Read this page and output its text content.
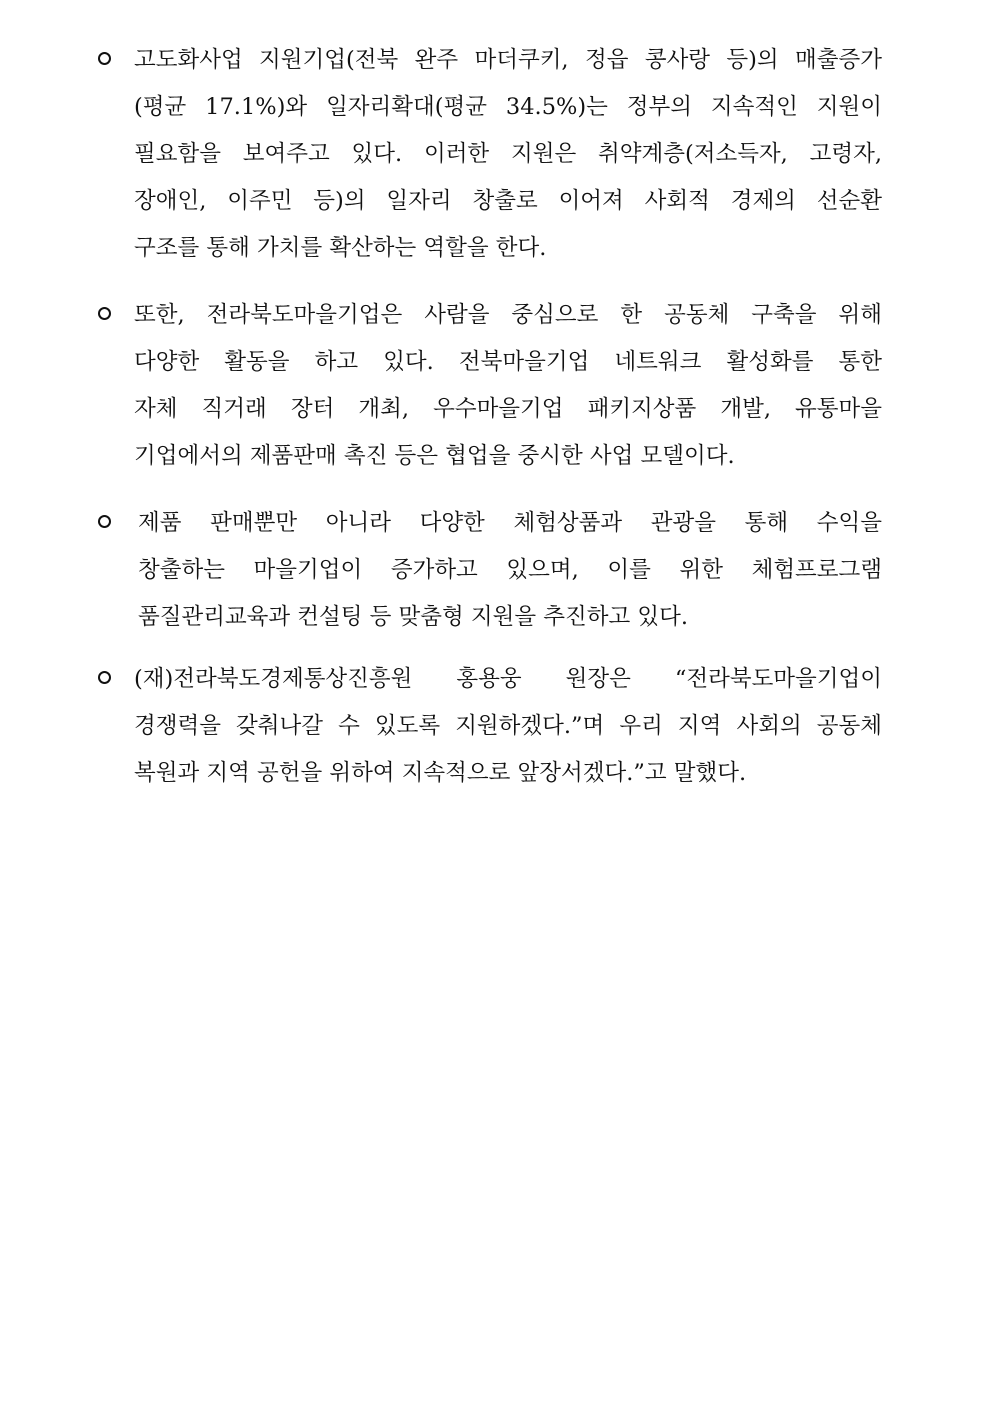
고도화사업 지원기업(전북 완주 마더쿠키, 정읍 콩사랑 등)의 매출증가
(평균 17.1%)와 일자리확대(평균 34.5%)는 정부의 지속적인 지원이
필요함을 보여주고 있다. 이러한 지원은 취약계층(저소득자, 고령자,
장애인, 이주민 등)의 일자리 창출로 이어져 사회적 경제의 선순환
구조를 통해 가치를 확산하는 역할을 한다.
또한, 전라북도마을기업은 사람을 중심으로 한 공동체 구축을 위해
다양한 활동을 하고 있다. 전북마을기업 네트워크 활성화를 통한
자체 직거래 장터 개최, 우수마을기업 패키지상품 개발, 유통마을
기업에서의 제품판매 촉진 등은 협업을 중시한 사업 모델이다.
제품 판매뿐만 아니라 다양한 체험상품과 관광을 통해 수익을
창출하는 마을기업이 증가하고 있으며, 이를 위한 체험프로그램
품질관리교육과 컨설팅 등 맞춤형 지원을 추진하고 있다.
(재)전라북도경제통상진흥원 홍용웅 원장은 “전라북도마을기업이
경쟁력을 갖춰나갈 수 있도록 지원하겠다.”며 우리 지역 사회의 공동체
복원과 지역 공헌을 위하여 지속적으로 앞장서겠다.”고 말했다.
